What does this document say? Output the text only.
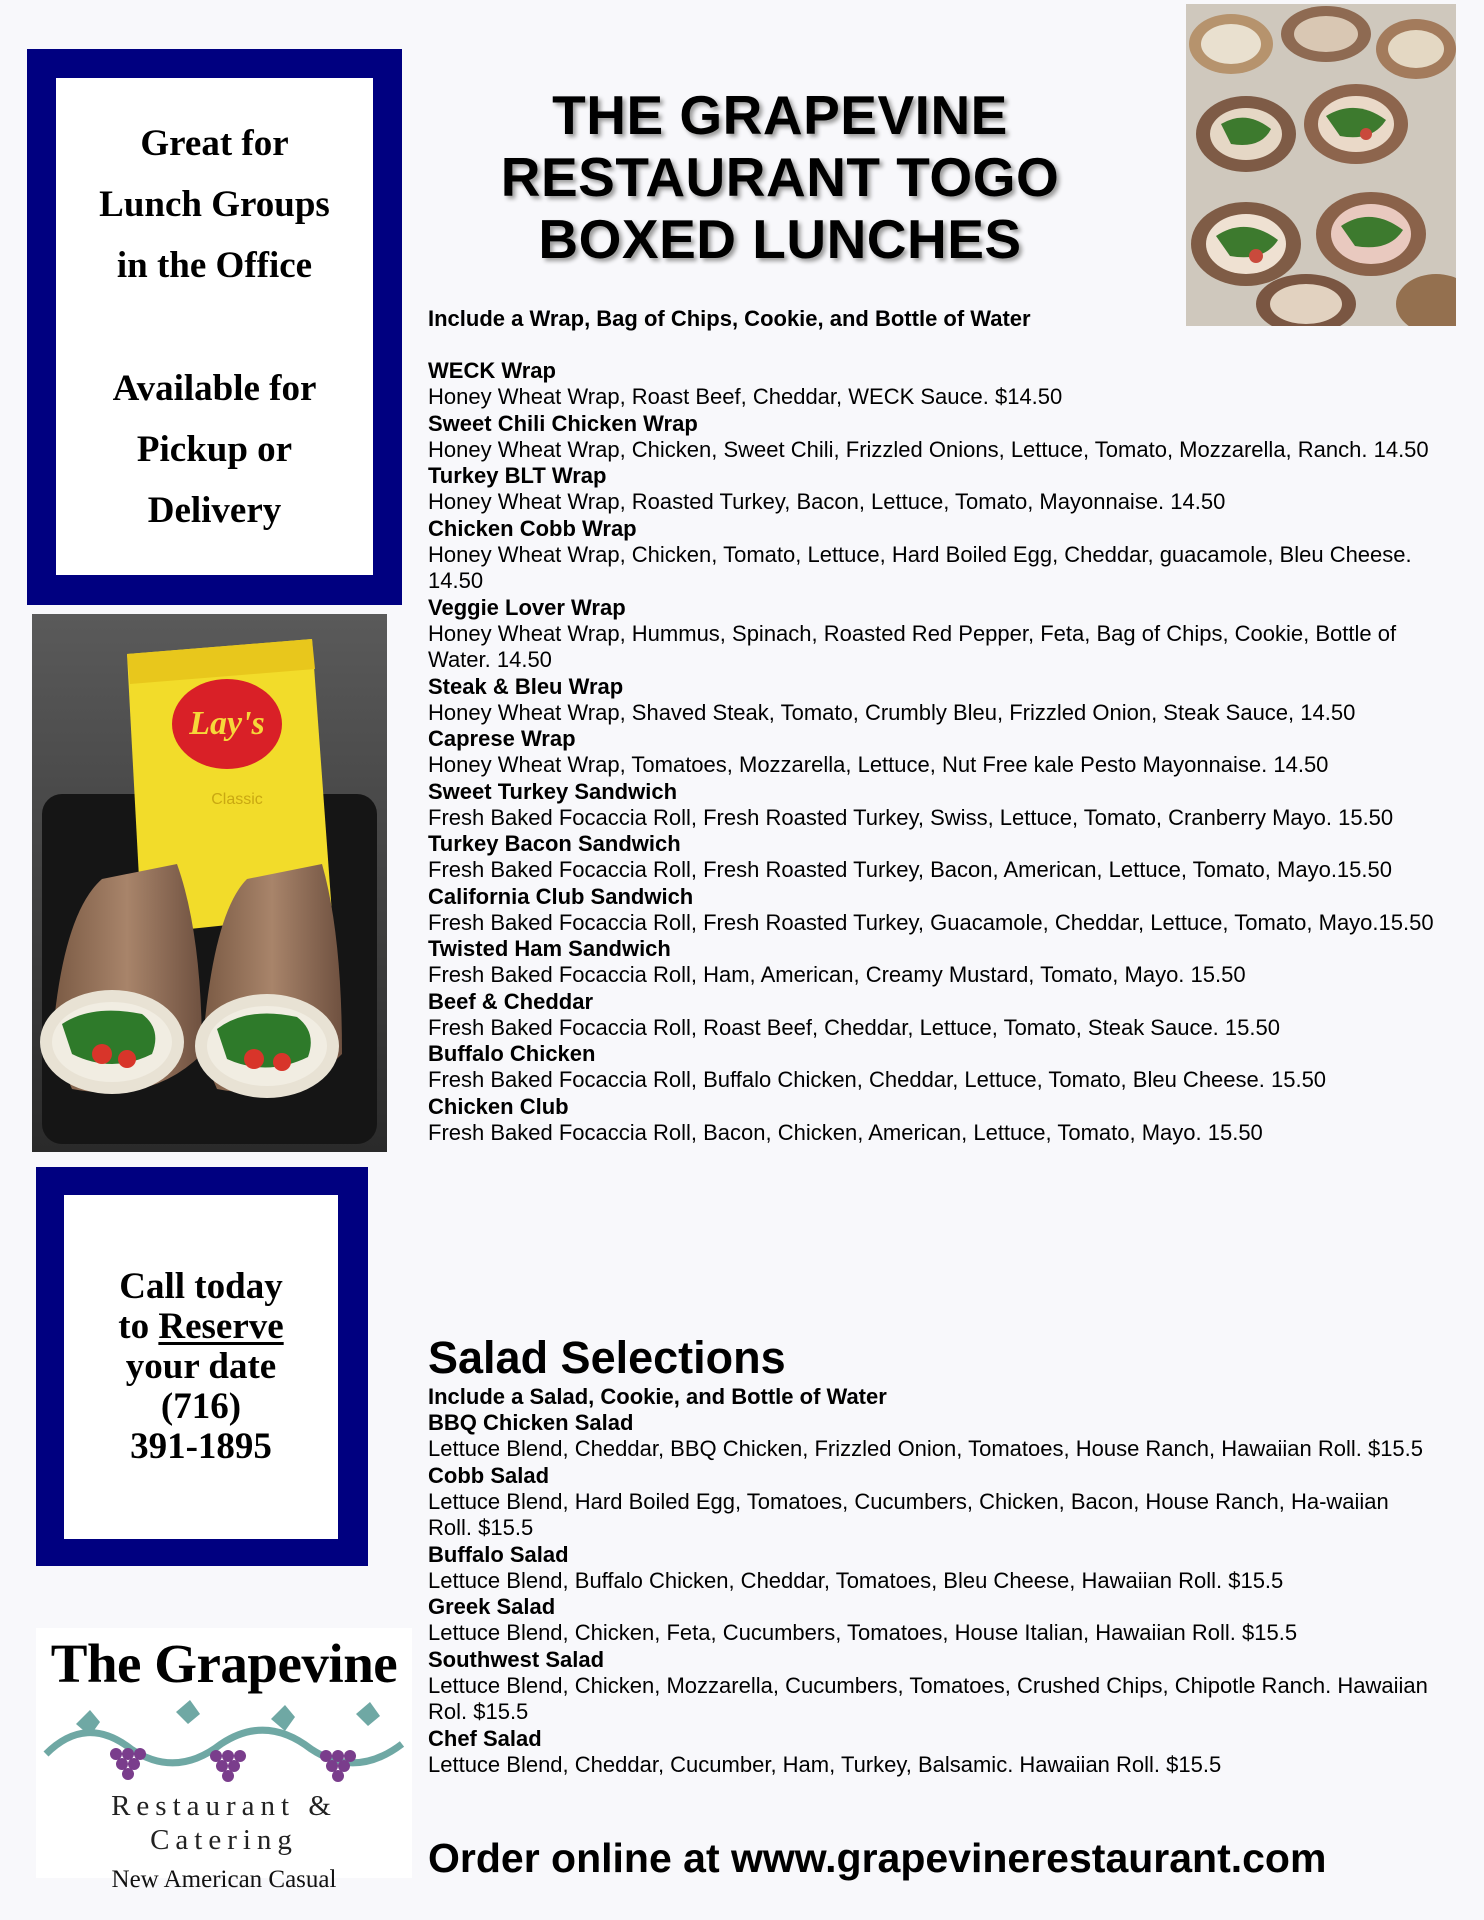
Great for
Lunch Groups
in the Office
Available for
Pickup or
Delivery
Lay's
Classic
Call today
to Reserve
your date
(716)
391-1895
The Grapevine
Restaurant & Catering
New American Casual
THE GRAPEVINE
RESTAURANT TOGO
BOXED LUNCHES
Include a Wrap, Bag of Chips, Cookie, and Bottle of Water
WECK Wrap
Honey Wheat Wrap, Roast Beef, Cheddar, WECK Sauce. $14.50
Sweet Chili Chicken Wrap
Honey Wheat Wrap, Chicken, Sweet Chili, Frizzled Onions, Lettuce, Tomato, Mozzarella, Ranch. 14.50
Turkey BLT Wrap
Honey Wheat Wrap, Roasted Turkey, Bacon, Lettuce, Tomato, Mayonnaise. 14.50
Chicken Cobb Wrap
Honey Wheat Wrap, Chicken, Tomato, Lettuce, Hard Boiled Egg, Cheddar, guacamole, Bleu Cheese. 14.50
Veggie Lover Wrap
Honey Wheat Wrap, Hummus, Spinach, Roasted Red Pepper, Feta, Bag of Chips, Cookie, Bottle of Water. 14.50
Steak & Bleu Wrap
Honey Wheat Wrap, Shaved Steak, Tomato, Crumbly Bleu, Frizzled Onion, Steak Sauce, 14.50
Caprese Wrap
Honey Wheat Wrap, Tomatoes, Mozzarella, Lettuce, Nut Free kale Pesto Mayonnaise. 14.50
Sweet Turkey Sandwich
Fresh Baked Focaccia Roll, Fresh Roasted Turkey, Swiss, Lettuce, Tomato, Cranberry Mayo. 15.50
Turkey Bacon Sandwich
Fresh Baked Focaccia Roll, Fresh Roasted Turkey, Bacon, American, Lettuce, Tomato, Mayo.15.50
California Club Sandwich
Fresh Baked Focaccia Roll, Fresh Roasted Turkey, Guacamole, Cheddar, Lettuce, Tomato, Mayo.15.50
Twisted Ham Sandwich
Fresh Baked Focaccia Roll, Ham, American, Creamy Mustard, Tomato, Mayo. 15.50
Beef & Cheddar
Fresh Baked Focaccia Roll, Roast Beef, Cheddar, Lettuce, Tomato, Steak Sauce. 15.50
Buffalo Chicken
Fresh Baked Focaccia Roll, Buffalo Chicken, Cheddar, Lettuce, Tomato, Bleu Cheese. 15.50
Chicken Club
Fresh Baked Focaccia Roll, Bacon, Chicken, American, Lettuce, Tomato, Mayo. 15.50
Salad Selections
Include a Salad, Cookie, and Bottle of Water
BBQ Chicken Salad
Lettuce Blend, Cheddar, BBQ Chicken, Frizzled Onion, Tomatoes, House Ranch, Hawaiian Roll. $15.5
Cobb Salad
Lettuce Blend, Hard Boiled Egg, Tomatoes, Cucumbers, Chicken, Bacon, House Ranch, Ha-waiian Roll. $15.5
Buffalo Salad
Lettuce Blend, Buffalo Chicken, Cheddar, Tomatoes, Bleu Cheese, Hawaiian Roll. $15.5
Greek Salad
Lettuce Blend, Chicken, Feta, Cucumbers, Tomatoes, House Italian, Hawaiian Roll. $15.5
Southwest Salad
Lettuce Blend, Chicken, Mozzarella, Cucumbers, Tomatoes, Crushed Chips, Chipotle Ranch. Hawaiian Rol. $15.5
Chef Salad
Lettuce Blend, Cheddar, Cucumber, Ham, Turkey, Balsamic. Hawaiian Roll. $15.5
Order online at www.grapevinerestaurant.com
